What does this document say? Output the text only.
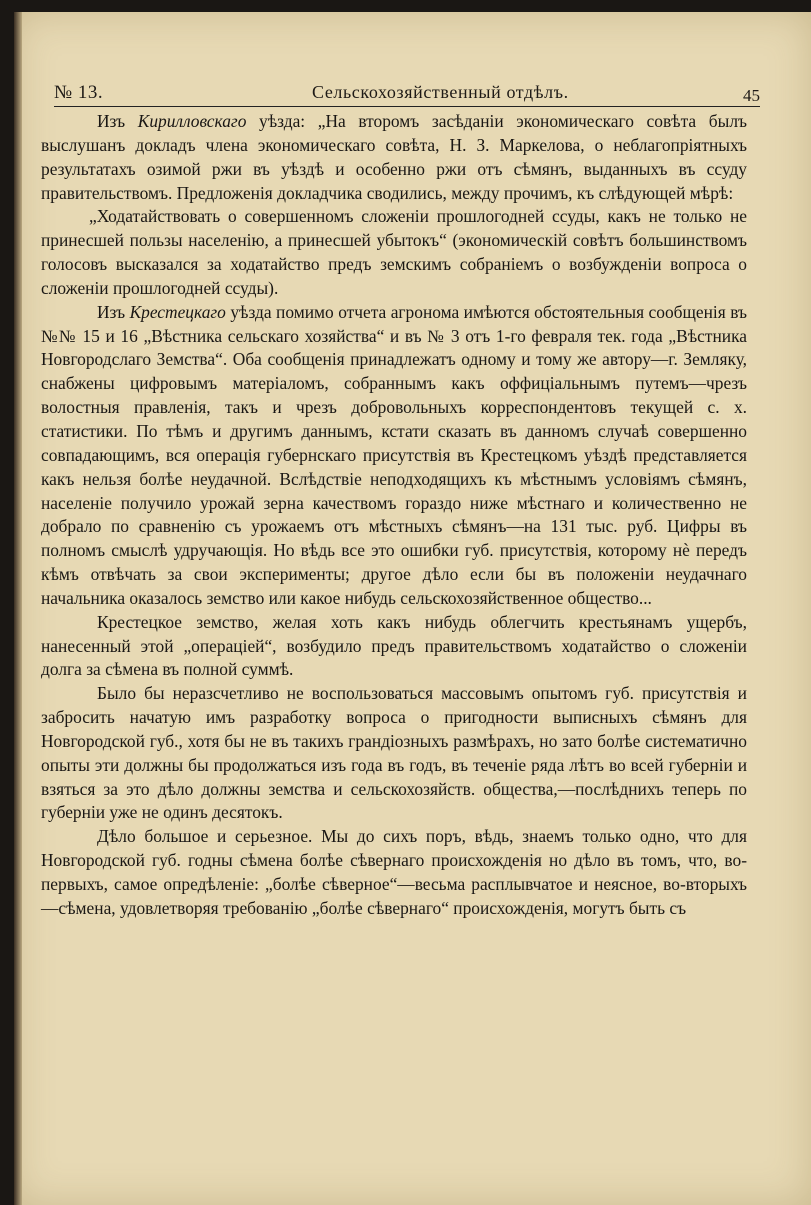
№ 13.	Сельскохозяйственный отдѣлъ.	45

Изъ Кирилловскаго уѣзда: „На второмъ засѣданіи экономическаго совѣта былъ выслушанъ докладъ члена экономическаго совѣта, Н. З. Маркелова, о неблагопріятныхъ результатахъ озимой ржи въ уѣздѣ и особенно ржи отъ сѣмянъ, выданныхъ въ ссуду правительствомъ. Предложенія докладчика сводились, между прочимъ, къ слѣдующей мѣрѣ:

„Ходатайствовать о совершенномъ сложеніи прошлогодней ссуды, какъ не только не принесшей пользы населенію, а принесшей убытокъ“ (экономическій совѣтъ большинствомъ голосовъ высказался за ходатайство предъ земскимъ собраніемъ о возбужденіи вопроса о сложеніи прошлогодней ссуды).

Изъ Крестецкаго уѣзда помимо отчета агронома имѣются обстоятельныя сообщенія въ №№ 15 и 16 „Вѣстника сельскаго хозяйства“ и въ № 3 отъ 1-го февраля тек. года „Вѣстника Новгородслаго Земства“. Оба сообщенія принадлежатъ одному и тому же автору—г. Земляку, снабжены цифровымъ матеріаломъ, собраннымъ какъ оффиціальнымъ путемъ—чрезъ волостныя правленія, такъ и чрезъ добровольныхъ корреспондентовъ текущей с. х. статистики. По тѣмъ и другимъ даннымъ, кстати сказать въ данномъ случаѣ совершенно совпадающимъ, вся операція губернскаго присутствія въ Крестецкомъ уѣздѣ представляется какъ нельзя болѣе неудачной. Вслѣдствіе неподходящихъ къ мѣстнымъ условіямъ сѣмянъ, населеніе получило урожай зерна качествомъ гораздо ниже мѣстнаго и количественно не добрало по сравненію съ урожаемъ отъ мѣстныхъ сѣмянъ—на 131 тыс. руб. Цифры въ полномъ смыслѣ удручающія. Но вѣдь все это ошибки губ. присутствія, которому нѐ передъ кѣмъ отвѣчать за свои эксперименты; другое дѣло если бы въ положеніи неудачнаго начальника оказалось земство или какое нибудь сельскохозяйственное общество...

Крестецкое земство, желая хоть какъ нибудь облегчить крестьянамъ ущербъ, нанесенный этой „операціей“, возбудило предъ правительствомъ ходатайство о сложеніи долга за сѣмена въ полной суммѣ.

Было бы неразсчетливо не воспользоваться массовымъ опытомъ губ. присутствія и забросить начатую имъ разработку вопроса о пригодности выписныхъ сѣмянъ для Новгородской губ., хотя бы не въ такихъ грандіозныхъ размѣрахъ, но зато болѣе систематично опыты эти должны бы продолжаться изъ года въ годъ, въ теченіе ряда лѣтъ во всей губерніи и взяться за это дѣло должны земства и сельскохозяйств. общества,—послѣднихъ теперь по губерніи уже не одинъ десятокъ.

Дѣло большое и серьезное. Мы до сихъ поръ, вѣдь, знаемъ только одно, что для Новгородской губ. годны сѣмена болѣе сѣвернаго происхожденія но дѣло въ томъ, что, во-первыхъ, самое опредѣленіе: „болѣе сѣверное“—весьма расплывчатое и неясное, во-вторыхъ—сѣмена, удовлетворяя требованію „болѣе сѣвернаго“ происхожденія, могутъ быть съ
